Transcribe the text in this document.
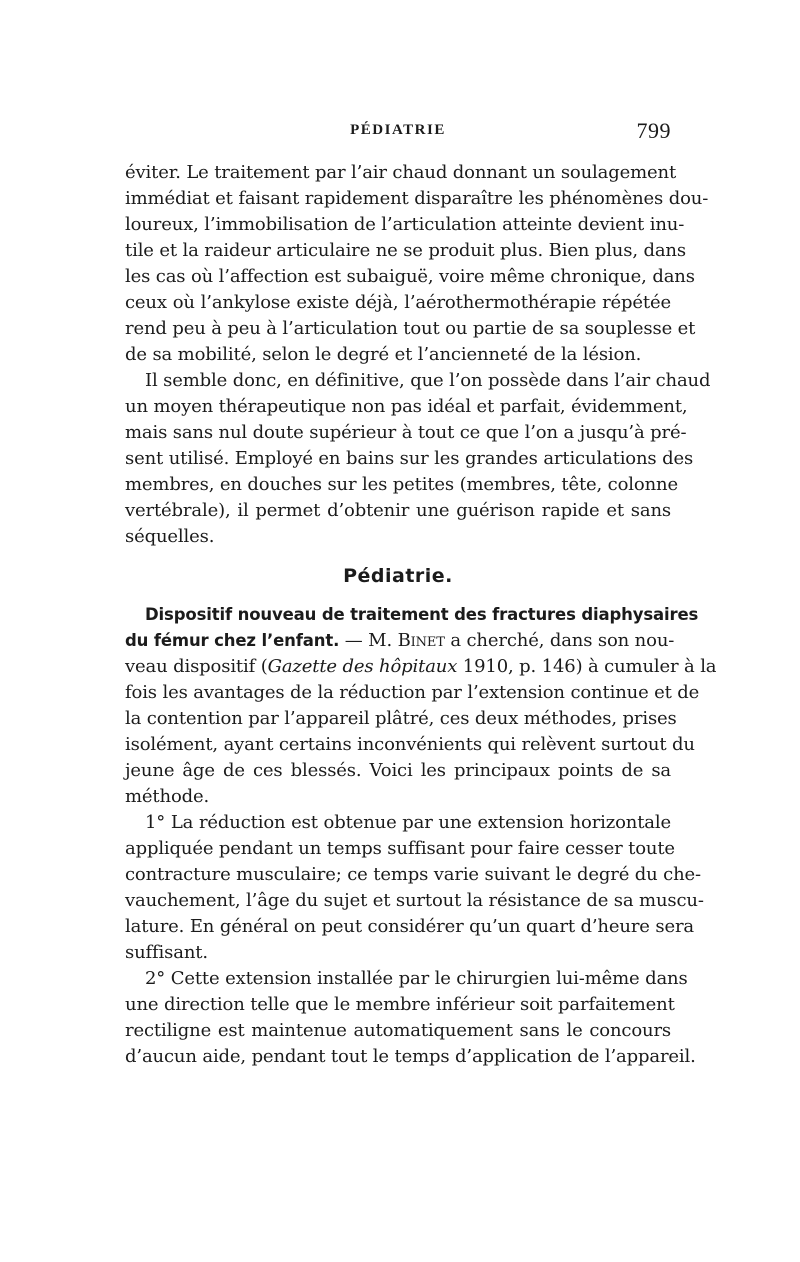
PÉDIATRIE	799
éviter. Le traitement par l’air chaud donnant un soulagement
immédiat et faisant rapidement disparaître les phénomènes dou-
loureux, l’immobilisation de l’articulation atteinte devient inu-
tile et la raideur articulaire ne se produit plus. Bien plus, dans
les cas où l’affection est subaiguë, voire même chronique, dans
ceux où l’ankylose existe déjà, l’aérothermothérapie répétée
rend peu à peu à l’articulation tout ou partie de sa souplesse et
de sa mobilité, selon le degré et l’ancienneté de la lésion.
Il semble donc, en définitive, que l’on possède dans l’air chaud
un moyen thérapeutique non pas idéal et parfait, évidemment,
mais sans nul doute supérieur à tout ce que l’on a jusqu’à pré-
sent utilisé. Employé en bains sur les grandes articulations des
membres, en douches sur les petites (membres, tête, colonne
vertébrale), il permet d’obtenir une guérison rapide et sans
séquelles.
Pédiatrie.
Dispositif nouveau de traitement des fractures diaphysaires
du fémur chez l’enfant. — M. Binet a cherché, dans son nou-
veau dispositif (Gazette des hôpitaux 1910, p. 146) à cumuler à la
fois les avantages de la réduction par l’extension continue et de
la contention par l’appareil plâtré, ces deux méthodes, prises
isolément, ayant certains inconvénients qui relèvent surtout du
jeune âge de ces blessés. Voici les principaux points de sa
méthode.
1° La réduction est obtenue par une extension horizontale
appliquée pendant un temps suffisant pour faire cesser toute
contracture musculaire; ce temps varie suivant le degré du che-
vauchement, l’âge du sujet et surtout la résistance de sa muscu-
lature. En général on peut considérer qu’un quart d’heure sera
suffisant.
2° Cette extension installée par le chirurgien lui-même dans
une direction telle que le membre inférieur soit parfaitement
rectiligne est maintenue automatiquement sans le concours
d’aucun aide, pendant tout le temps d’application de l’appareil.
